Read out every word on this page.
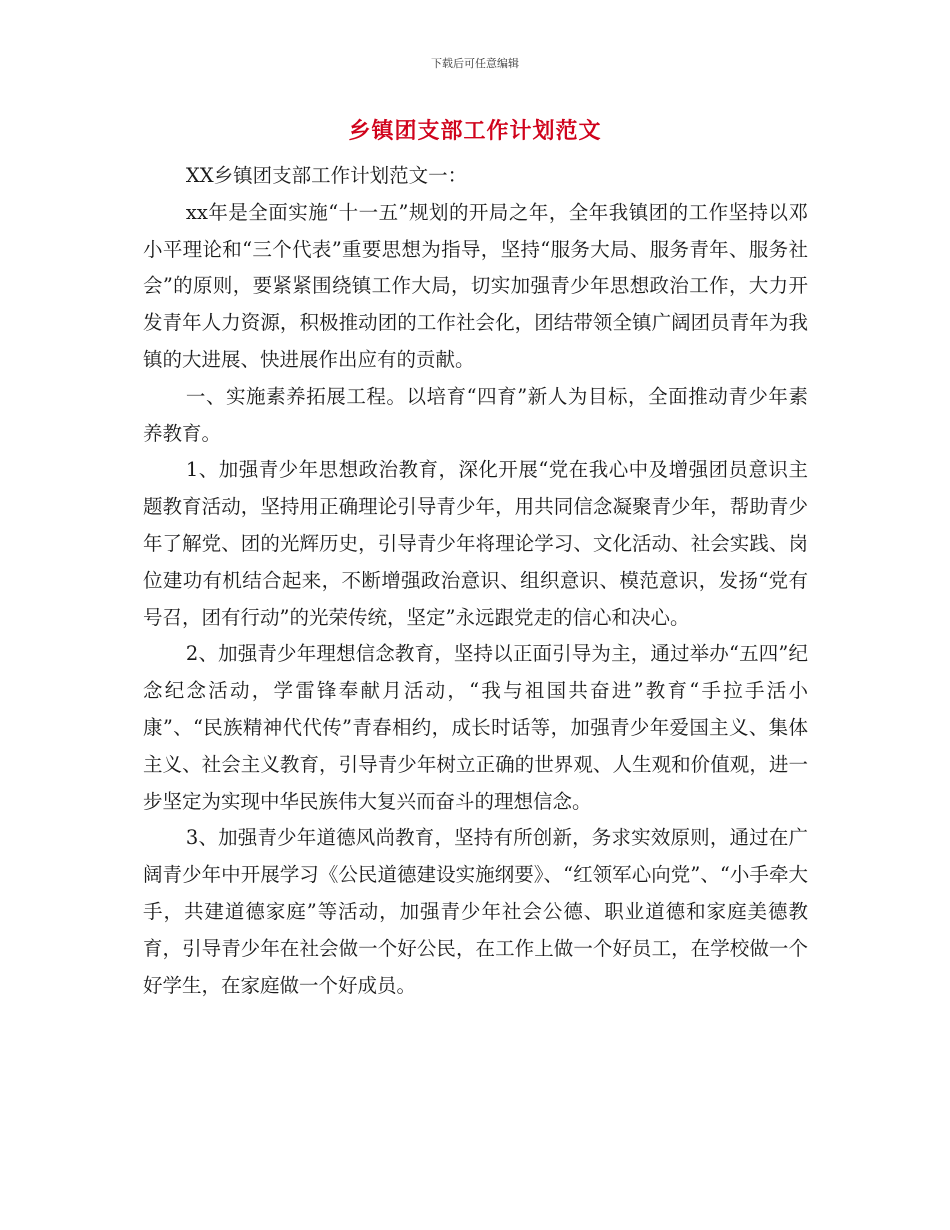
下载后可任意编辑
乡镇团支部工作计划范文

XX乡镇团支部工作计划范文一：

xx年是全面实施“十一五”规划的开局之年，全年我镇团的工作坚持以邓小平理论和“三个代表”重要思想为指导，坚持“服务大局、服务青年、服务社会”的原则，要紧紧围绕镇工作大局，切实加强青少年思想政治工作，大力开发青年人力资源，积极推动团的工作社会化，团结带领全镇广阔团员青年为我镇的大进展、快进展作出应有的贡献。

一、实施素养拓展工程。以培育“四育”新人为目标，全面推动青少年素养教育。

1、加强青少年思想政治教育，深化开展“党在我心中及增强团员意识主题教育活动，坚持用正确理论引导青少年，用共同信念凝聚青少年，帮助青少年了解党、团的光辉历史，引导青少年将理论学习、文化活动、社会实践、岗位建功有机结合起来，不断增强政治意识、组织意识、模范意识，发扬“党有号召，团有行动”的光荣传统，坚定”永远跟党走的信心和决心。

2、加强青少年理想信念教育，坚持以正面引导为主，通过举办“五四”纪念纪念活动，学雷锋奉献月活动，“我与祖国共奋进”教育“手拉手活小康”、“民族精神代代传”青春相约，成长时话等，加强青少年爱国主义、集体主义、社会主义教育，引导青少年树立正确的世界观、人生观和价值观，进一步坚定为实现中华民族伟大复兴而奋斗的理想信念。

3、加强青少年道德风尚教育，坚持有所创新，务求实效原则，通过在广阔青少年中开展学习《公民道德建设实施纲要》、“红领军心向党”、“小手牵大手，共建道德家庭”等活动，加强青少年社会公德、职业道德和家庭美德教育，引导青少年在社会做一个好公民，在工作上做一个好员工，在学校做一个好学生，在家庭做一个好成员。
